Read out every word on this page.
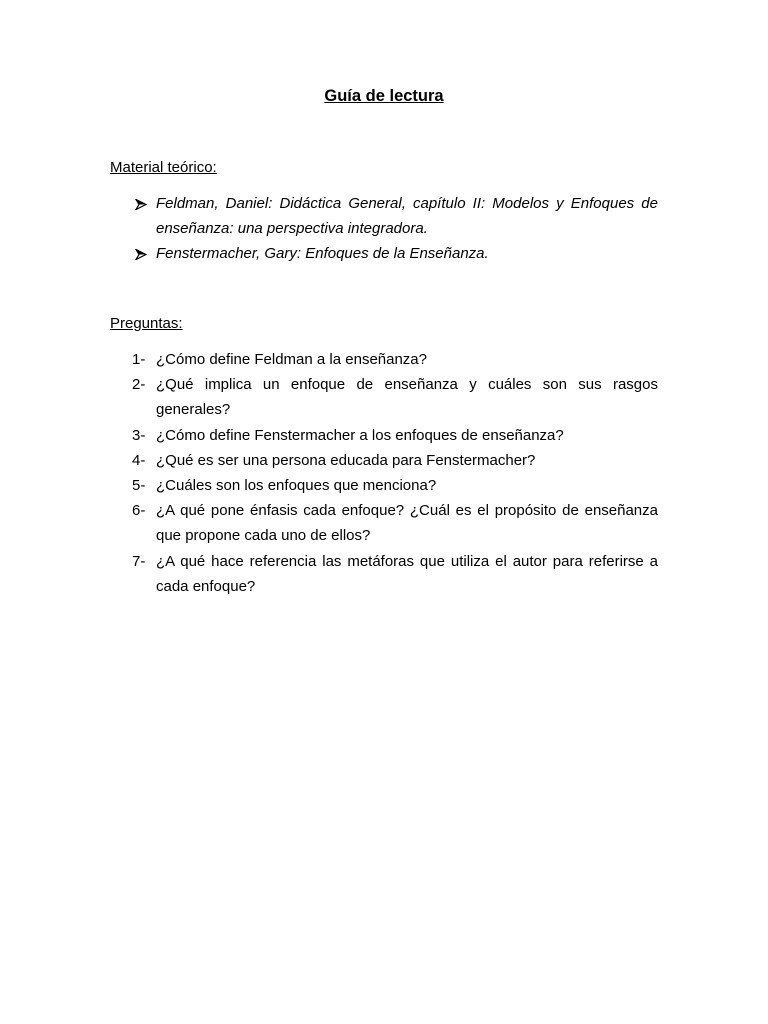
Guía de lectura
Material teórico:
Feldman, Daniel: Didáctica General, capítulo II: Modelos y Enfoques de enseñanza: una perspectiva integradora.
Fenstermacher, Gary: Enfoques de la Enseñanza.
Preguntas:
1- ¿Cómo define Feldman a la enseñanza?
2- ¿Qué implica un enfoque de enseñanza y cuáles son sus rasgos generales?
3- ¿Cómo define Fenstermacher a los enfoques de enseñanza?
4- ¿Qué es ser una persona educada para Fenstermacher?
5- ¿Cuáles son los enfoques que menciona?
6- ¿A qué pone énfasis cada enfoque? ¿Cuál es el propósito de enseñanza que propone cada uno de ellos?
7- ¿A qué hace referencia las metáforas que utiliza el autor para referirse a cada enfoque?
